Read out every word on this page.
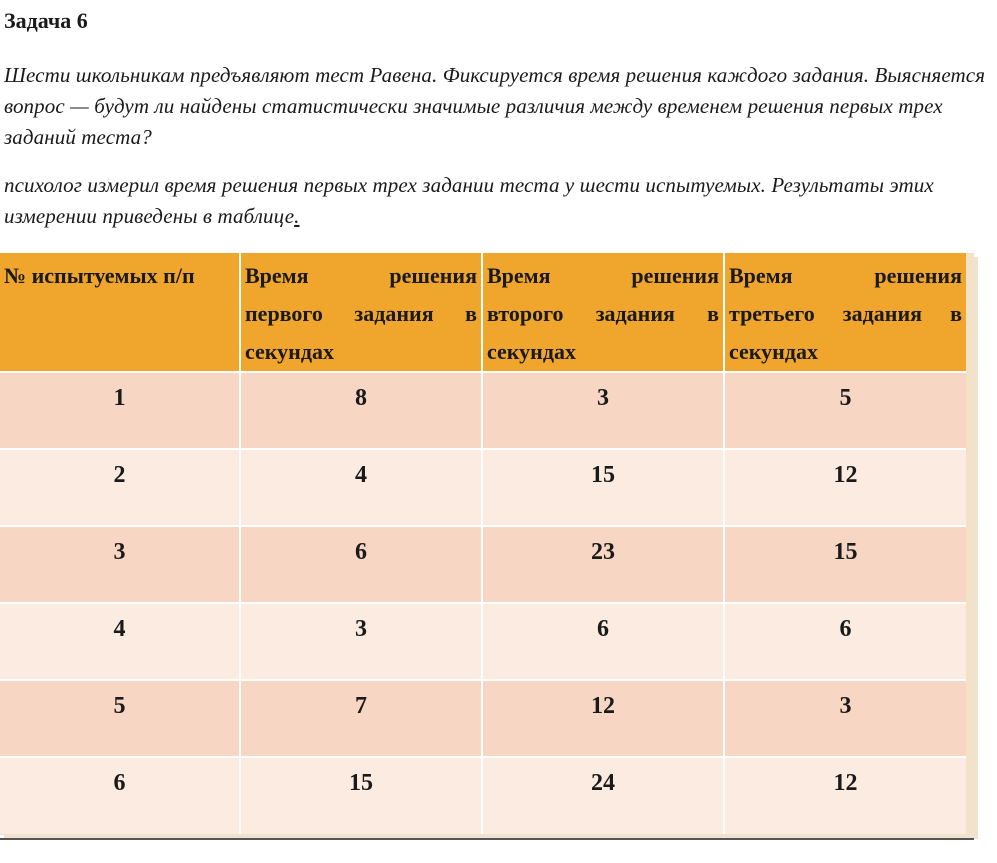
Задача 6

Шести школьникам предъявляют тест Равена. Фиксируется время решения каждого задания. Выясняется вопрос — будут ли найдены статистически значимые различия между временем решения первых трех заданий теста?

психолог измерил время решения первых трех задании теста у шести испытуемых. Результаты этих измерении приведены в таблице.

№ испытуемых п/п	Время решения первого задания в секундах	Время решения второго задания в секундах	Время решения третьего задания в секундах
1	8	3	5
2	4	15	12
3	6	23	15
4	3	6	6
5	7	12	3
6	15	24	12
